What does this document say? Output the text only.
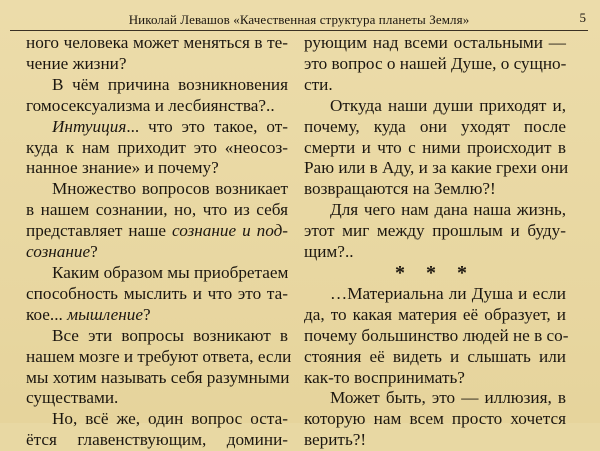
Николай Левашов «Качественная структура планеты Земля»	5
ного человека может меняться в те-
чение жизни?
В чём причина возникновения
гомосексуализма и лесбиянства?..
Интуиция... что это такое, от-
куда к нам приходит это «неосоз-
нанное знание» и почему?
Множество вопросов возникает
в нашем сознании, но, что из себя
представляет наше сознание и под-
сознание?
Каким образом мы приобретаем
способность мыслить и что это та-
кое... мышление?
Все эти вопросы возникают в
нашем мозге и требуют ответа, если
мы хотим называть себя разумными
существами.
Но, всё же, один вопрос оста-
ётся главенствующим, домини-
рующим над всеми остальными —
это вопрос о нашей Душе, о сущно-
сти.
Откуда наши души приходят и,
почему, куда они уходят после
смерти и что с ними происходит в
Раю или в Аду, и за какие грехи они
возвращаются на Землю?!
Для чего нам дана наша жизнь,
этот миг между прошлым и буду-
щим?..
* * *
…Материальна ли Душа и если
да, то какая материя её образует, и
почему большинство людей не в со-
стояния её видеть и слышать или
как-то воспринимать?
Может быть, это — иллюзия, в
которую нам всем просто хочется
верить?!
